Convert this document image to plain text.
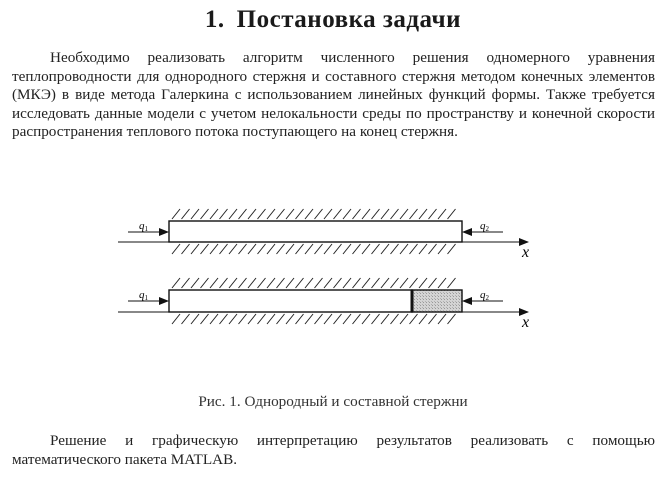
1. Постановка задачи

Необходимо реализовать алгоритм численного решения одномерного уравнения теплопроводности для однородного стержня и составного стержня методом конечных элементов (МКЭ) в виде метода Галеркина с использованием линейных функций формы. Также требуется исследовать данные модели с учетом нелокальности среды по пространству и конечной скорости распространения теплового потока поступающего на конец стержня.

q1	q2
x
q1	q2
x
Рис. 1. Однородный и составной стержни

Решение и графическую интерпретацию результатов реализовать с помощью математического пакета MATLAB.
